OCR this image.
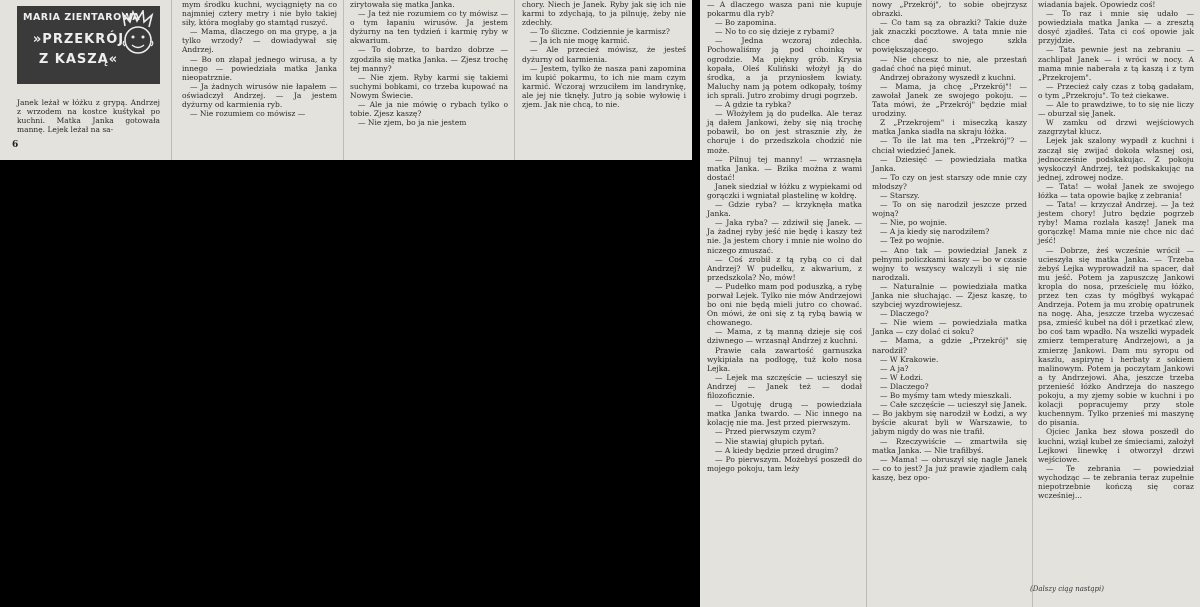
MARIA ZIENTAROWA
»PRZEKRÓJ
Z KASZĄ«

Janek leżał w łóżku z grypą. Andrzej z wrzodem na kostce kuśtykał po kuchni. Matka Janka gotowała mannę. Lejek leżał na sa-

6

mym środku kuchni, wyciągnięty na co najmniej cztery metry i nie było takiej siły, która mogłaby go stamtąd ruszyć.

— Mama, dlaczego on ma grypę, a ja tylko wrzody? — dowiadywał się Andrzej.

— Bo on złapał jednego wirusa, a ty innego — powiedziała matka Janka nieopatrznie.

— Ja żadnych wirusów nie łapałem — oświadczył Andrzej. — Ja jestem dyżurny od karmienia ryb.

— Nie rozumiem co mówisz —

zirytowała się matka Janka.

— Ja też nie rozumiem co ty mówisz — o tym łapaniu wirusów. Ja jestem dyżurny na ten tydzień i karmię ryby w akwarium.

— To dobrze, to bardzo dobrze — zgodziła się matka Janka. — Zjesz trochę tej manny?

— Nie zjem. Ryby karmi się takiemi suchymi bobkami, co trzeba kupować na Nowym Świecie.

— Ale ja nie mówię o rybach tylko o tobie. Zjesz kaszę?

— Nie zjem, bo ja nie jestem

chory. Niech je Janek. Ryby jak się ich nie karmi to zdychają, to ja pilnuję, żeby nie zdechły.

— To śliczne. Codziennie je karmisz?

— Ja ich nie mogę karmić.

— Ale przecież mówisz, że jesteś dyżurny od karmienia.

— Jestem, tylko że nasza pani zapomina im kupić pokarmu, to ich nie mam czym karmić. Wczoraj wrzuciłem im landrynkę, ale jej nie tknęły. Jutro ją sobie wyłowię i zjem. Jak nie chcą, to nie.

— A dlaczego wasza pani nie kupuje pokarmu dla ryb?

— Bo zapomina.

— No to co się dzieje z rybami?

— Jedna wczoraj zdechła. Pochowaliśmy ją pod choinką w ogrodzie. Ma piękny grób. Krysia kopała, Oleś Kuliński włożył ją do środka, a ja przyniosłem kwiaty. Maluchy nam ją potem odkopały, tośmy ich sprali. Jutro zrobimy drugi pogrzeb.

— A gdzie ta rybka?

— Włożyłem ją do pudełka. Ale teraz ją dałem Jankowi, żeby się nią trochę pobawił, bo on jest strasznie zły, że choruje i do przedszkola chodzić nie może.

— Pilnuj tej manny! — wrzasnęła matka Janka. — Bzika można z wami dostać!

Janek siedział w łóżku z wypiekami od gorączki i wgniatał plastelinę w kołdrę.

— Gdzie ryba? — krzyknęła matka Janka.

— Jaka ryba? — zdziwił się Janek. — Ja żadnej ryby jeść nie będę i kaszy też nie. Ja jestem chory i mnie nie wolno do niczego zmuszać.

— Coś zrobił z tą rybą co ci dał Andrzej? W pudełku, z akwarium, z przedszkola? No, mów!

— Pudełko mam pod poduszką, a rybę porwał Lejek. Tylko nie mów Andrzejowi bo oni nie będą mieli jutro co chować. On mówi, że oni się z tą rybą bawią w chowanego.

— Mama, z tą manną dzieje się coś dziwnego — wrzasnął Andrzej z kuchni.

Prawie cała zawartość garnuszka wykipiała na podłogę, tuż koło nosa Lejka.

— Lejek ma szczęście — ucieszył się Andrzej — Janek też — dodał filozoficznie.

— Ugotuję drugą — powiedziała matka Janka twardo. — Nic innego na kolację nie ma. Jest przed pierwszym.

— Przed pierwszym czym?

— Nie stawiaj głupich pytań.

— A kiedy będzie przed drugim?

— Po pierwszym. Możebyś poszedł do mojego pokoju, tam leży

nowy „Przekrój", to sobie obejrzysz obrazki.

— Co tam są za obrazki? Takie duże jak znaczki pocztowe. A tata mnie nie chce dać swojego szkła powiększającego.

— Nie chcesz to nie, ale przestań gadać choć na pięć minut.

Andrzej obrażony wyszedł z kuchni.

— Mama, ja chcę „Przekrój"! — zawołał Janek ze swojego pokoju. — Tata mówi, że „Przekrój" będzie miał urodziny.

Z „Przekrojem" i miseczką kaszy matka Janka siadła na skraju łóżka.

— To ile lat ma ten „Przekrój"? — chciał wiedzieć Janek.

— Dziesięć — powiedziała matka Janka.

— To czy on jest starszy ode mnie czy młodszy?

— Starszy.

— To on się narodził jeszcze przed wojną?

— Nie, po wojnie.

— A ja kiedy się narodziłem?

— Też po wojnie.

— Ano tak — powiedział Janek z pełnymi policzkami kaszy — bo w czasie wojny to wszyscy walczyli i się nie narodzali.

— Naturalnie — powiedziała matka Janka nie słuchając. — Zjesz kaszę, to szybciej wyzdrowiejesz.

— Dlaczego?

— Nie wiem — powiedziała matka Janka — czy dolać ci soku?

— Mama, a gdzie „Przekrój" się narodził?

— W Krakowie.

— A ja?

— W Łodzi.

— Dlaczego?

— Bo myśmy tam wtedy mieszkali.

— Całe szczęście — ucieszył się Janek. — Bo jakbym się narodził w Łodzi, a wy byście akurat byli w Warszawie, to jabym nigdy do was nie trafił.

— Rzeczywiście — zmartwiła się matka Janka. — Nie trafiłbyś.

— Mama! — obruszył się nagle Janek — co to jest? Ja już prawie zjadłem całą kaszę, bez opo-

wiadania bajek. Opowiedz coś!

— To raz i mnie się udało — powiedziała matka Janka — a zresztą dosyć zjadłeś. Tata ci coś opowie jak przyjdzie.

— Tata pewnie jest na zebraniu — zachlipał Janek — i wróci w nocy. A mama mnie naberała z tą kaszą i z tym „Przekrojem".

— Przecież cały czas z tobą gadałam, o tym „Przekroju". To też ciekawe.

— Ale to prawdziwe, to to się nie liczy — oburzał się Janek.

W zamku od drzwi wejściowych zazgrzytał klucz.

Lejek jak szalony wypadł z kuchni i zaczął się zwijać dokoła własnej osi, jednocześnie podskakując. Z pokoju wyskoczył Andrzej, też podskakując na jednej, zdrowej nodze.

— Tata! — wołał Janek ze swojego łóżka — tata opowie bajkę z zebrania!

— Tata! — krzyczał Andrzej. — Ja też jestem chory! Jutro będzie pogrzeb ryby! Mama rozlała kaszę! Janek ma gorączkę! Mama mnie nie chce nic dać jeść!

— Dobrze, żeś wcześnie wrócił — ucieszyła się matka Janka. — Trzeba żebyś Lejka wyprowadził na spacer, dał mu jeść. Potem ja zapuszczę Jankowi kropla do nosa, prześcielę mu łóżko, przez ten czas ty mógłbyś wykąpać Andrzeja. Potem ja mu zrobię opatrunek na nogę. Aha, jeszcze trzeba wyczesać psa, zmieść kubeł na dół i przetkać zlew, bo coś tam wpadło. Na wszelki wypadek zmierz temperaturę Andrzejowi, a ja zmierzę Jankowi. Dam mu syropu od kaszlu, aspirynę i herbaty z sokiem malinowym. Potem ja poczytam Jankowi a ty Andrzejowi. Aha, jeszcze trzeba przenieść łóżko Andrzeja do naszego pokoju, a my zjemy sobie w kuchni i po kolacji popracujemy przy stole kuchennym. Tylko przenieś mi maszynę do pisania.

Ojciec Janka bez słowa poszedł do kuchni, wziął kubeł ze śmieciami, założył Lejkowi linewkę i otworzył drzwi wejściowe.

— Te zebrania — powiedział wychodząc — te zebrania teraz zupełnie niepotrzebnie kończą się coraz wcześniej...

(Dalszy ciąg nastąpi)
